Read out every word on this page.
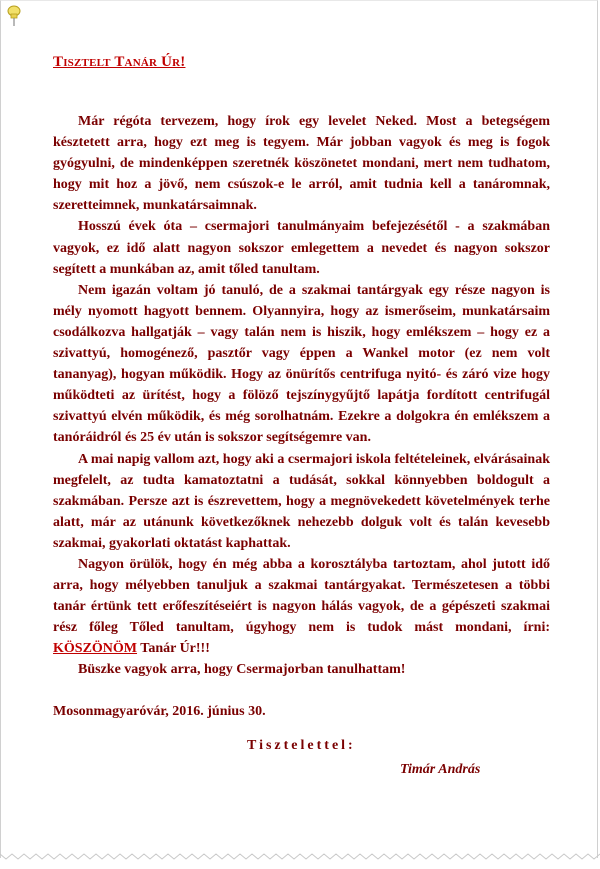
Tisztelt Tanár Úr!

Már régóta tervezem, hogy írok egy levelet Neked. Most a betegségem késztetett arra, hogy ezt meg is tegyem. Már jobban vagyok és meg is fogok gyógyulni, de mindenképpen szeretnék köszönetet mondani, mert nem tudhatom, hogy mit hoz a jövő, nem csúszok-e le arról, amit tudnia kell a tanáromnak, szeretteimnek, munkatársaimnak.

Hosszú évek óta – csermajori tanulmányaim befejezésétől - a szakmában vagyok, ez idő alatt nagyon sokszor emlegettem a nevedet és nagyon sokszor segített a munkában az, amit tőled tanultam.

Nem igazán voltam jó tanuló, de a szakmai tantárgyak egy része nagyon is mély nyomott hagyott bennem. Olyannyira, hogy az ismerőseim, munkatársaim csodálkozva hallgatják – vagy talán nem is hiszik, hogy emlékszem – hogy ez a szivattyú, homogénező, pasztőr vagy éppen a Wankel motor (ez nem volt tananyag), hogyan működik. Hogy az önürítős centrifuga nyitó- és záró vize hogy működteti az ürítést, hogy a fölöző tejszínygyűjtő lapátja fordított centrifugál szivattyú elvén működik, és még sorolhatnám. Ezekre a dolgokra én emlékszem a tanóráidról és 25 év után is sokszor segítségemre van.

A mai napig vallom azt, hogy aki a csermajori iskola feltételeinek, elvárásainak megfelelt, az tudta kamatoztatni a tudását, sokkal könnyebben boldogult a szakmában. Persze azt is észrevettem, hogy a megnövekedett követelmények terhe alatt, már az utánunk következőknek nehezebb dolguk volt és talán kevesebb szakmai, gyakorlati oktatást kaphattak.

Nagyon örülök, hogy én még abba a korosztályba tartoztam, ahol jutott idő arra, hogy mélyebben tanuljuk a szakmai tantárgyakat. Természetesen a többi tanár értünk tett erőfeszítéseiért is nagyon hálás vagyok, de a gépészeti szakmai rész főleg Tőled tanultam, úgyhogy nem is tudok mást mondani, írni: KÖSZÖNÖM Tanár Úr!!!

Büszke vagyok arra, hogy Csermajorban tanulhattam!

Mosonmagyaróvár, 2016. június 30.

Tisztelettel:

Timár András
